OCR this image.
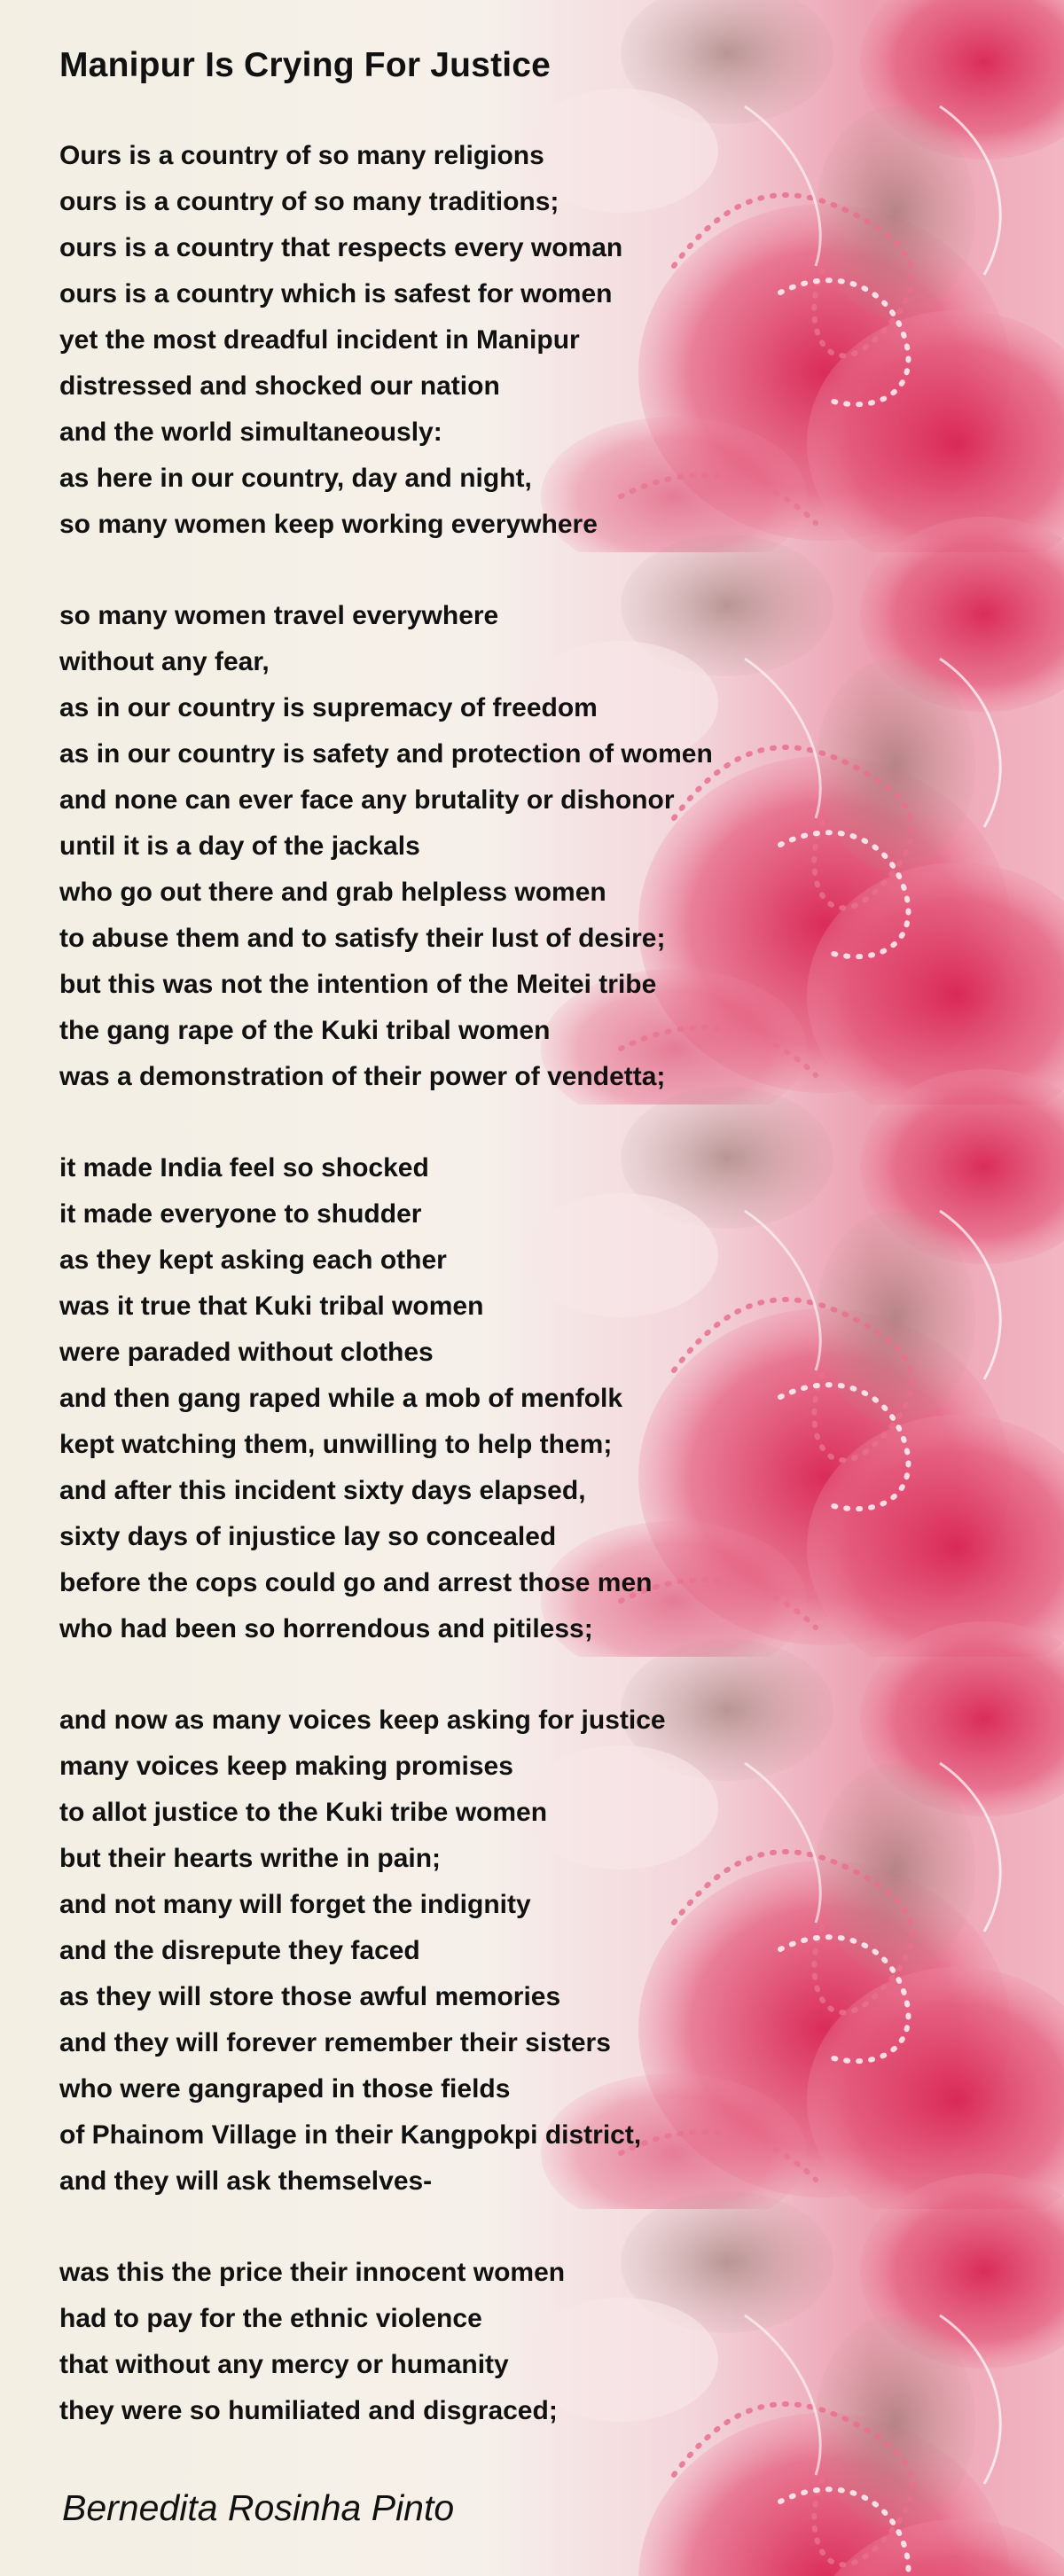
Manipur Is Crying For Justice
Ours is a country of so many religions
ours is a country of so many traditions;
ours is a country that respects every woman
ours is a country which is safest for women
yet the most dreadful incident in Manipur
distressed and shocked our nation
and the world simultaneously:
as here in our country, day and night,
so many women keep working everywhere
so many women travel everywhere
without any fear,
as in our country is supremacy of freedom
as in our country is safety and protection of women
and none can ever face any brutality or dishonor
until it is a day of the jackals
who go out there and grab helpless women
to abuse them and to satisfy their lust of desire;
but this was not the intention of the Meitei tribe
the gang rape of the Kuki tribal women
was a demonstration of their power of vendetta;
it made India feel so shocked
it made everyone to shudder
as they kept asking each other
was it true that Kuki tribal women
were paraded without clothes
and then gang raped while a mob of menfolk
kept watching them, unwilling to help them;
and after this incident sixty days elapsed,
sixty days of injustice lay so concealed
before the cops could go and arrest those men
who had been so horrendous and pitiless;
and now as many voices keep asking for justice
many voices keep making promises
to allot justice to the Kuki tribe women
but their hearts writhe in pain;
and not many will forget the indignity
and the disrepute they faced
as they will store those awful memories
and they will forever remember their sisters
who were gangraped in those fields
of Phainom Village in their Kangpokpi district,
and they will ask themselves-
was this the price their innocent women
had to pay for the ethnic violence
that without any mercy or humanity
they were so humiliated and disgraced;
Bernedita Rosinha Pinto
